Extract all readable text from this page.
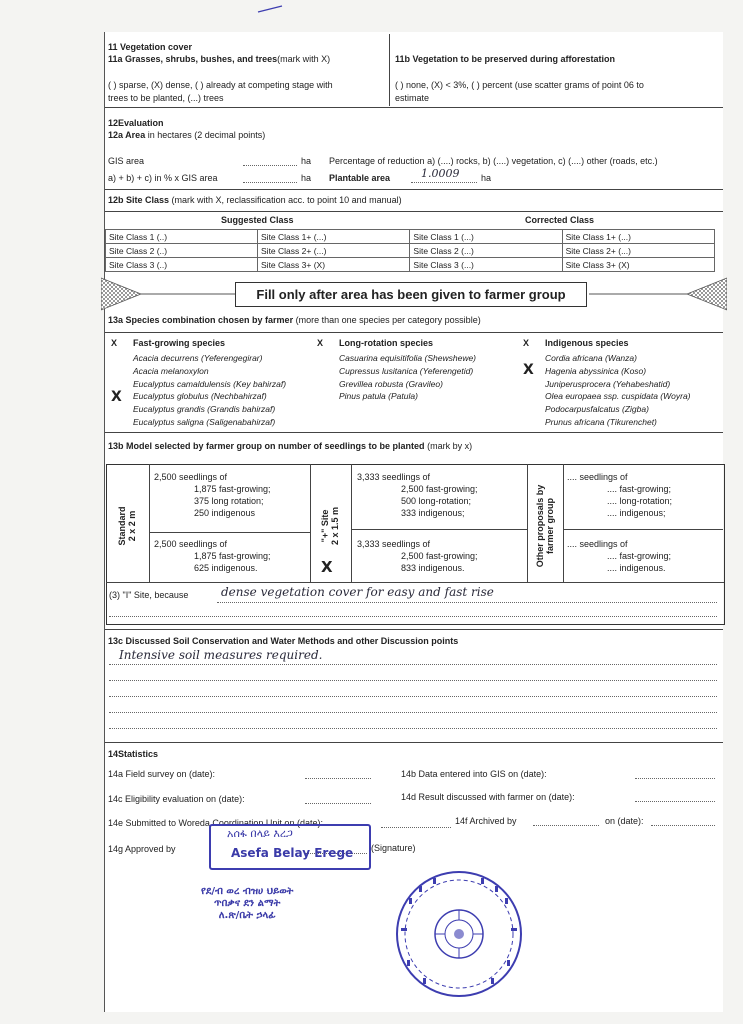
11 Vegetation cover
11a Grasses, shrubs, bushes, and trees(mark with X)	11b Vegetation to be preserved during afforestation
( ) sparse, (X) dense, ( ) already at competing stage with
trees to be planted, (...) trees
( ) none, (X) < 3%, ( ) percent (use scatter grams of point 06 to
estimate
12Evaluation
12a Area in hectares (2 decimal points)
GIS area	ha
a) + b) + c) in % x GIS area	ha
Percentage of reduction a) (....) rocks, b) (....) vegetation, c) (....) other (roads, etc.)
Plantable area	1.0009 ha
12b Site Class (mark with X, reclassification acc. to point 10 and manual)
Suggested Class	Corrected Class
Site Class 1 (..)	Site Class 1+ (...)	Site Class 1 (...)	Site Class 1+ (...)
Site Class 2 (..)	Site Class 2+ (...)	Site Class 2 (...)	Site Class 2+ (...)
Site Class 3 (..)	Site Class 3+ (X)	Site Class 3 (...)	Site Class 3+ (X)
Fill only after area has been given to farmer group
13a Species combination chosen by farmer (more than one species per category possible)
X Fast-growing species	X Long-rotation species	X Indigenous species
Acacia decurrens (Yeferengegirar)
Acacia melanoxylon
Eucalyptus camaldulensis (Key bahirzaf)
Eucalyptus globulus (Nechbahirzaf)
Eucalyptus grandis (Grandis bahirzaf)
Eucalyptus saligna (Saligenabahirzaf)
Casuarina equisitifolia (Shewshewe)
Cupressus lusitanica (Yeferengetid)
Grevillea robusta (Gravileo)
Pinus patula (Patula)
Cordia africana (Wanza)
Hagenia abyssinica (Koso)
Juniperusprocera (Yehabeshatid)
Olea europaea ssp. cuspidata (Woyra)
Podocarpusfalcatus (Zigba)
Prunus africana (Tikurenchet)
X
X
13b Model selected by farmer group on number of seedlings to be planted (mark by x)
Standard
2 x 2 m	"+" Site
2 x 1.5 m	Other proposals by
farmer group
2,500 seedlings of
1,875 fast-growing;
375 long rotation;
250 indigenous
2,500 seedlings of
1,875 fast-growing;
625 indigenous.
3,333 seedlings of
2,500 fast-growing;
500 long-rotation;
333 indigenous;
3,333 seedlings of
2,500 fast-growing;
833 indigenous.
.... seedlings of
.... fast-growing;
.... long-rotation;
.... indigenous;
.... seedlings of
.... fast-growing;
.... indigenous.
X
(3) "I" Site, because	dense vegetation cover for easy and fast rise
13c Discussed Soil Conservation and Water Methods and other Discussion points
Intensive soil measures required.
14Statistics
14a Field survey on (date):	14b Data entered into GIS on (date):
14c Eligibility evaluation on (date):	14d Result discussed with farmer on (date):
14e Submitted to Woreda Coordination Unit on (date):	14f Archived by	on (date):
14g Approved by	(Signature)
አሰፋ በላይ እረጋ
Asefa Belay Erege
የደ/ብ ወረ ብዝሀ ህይወት
ጥበቃና ደን ልማት
ለ.ጽ/ቤት ኃላፊ
